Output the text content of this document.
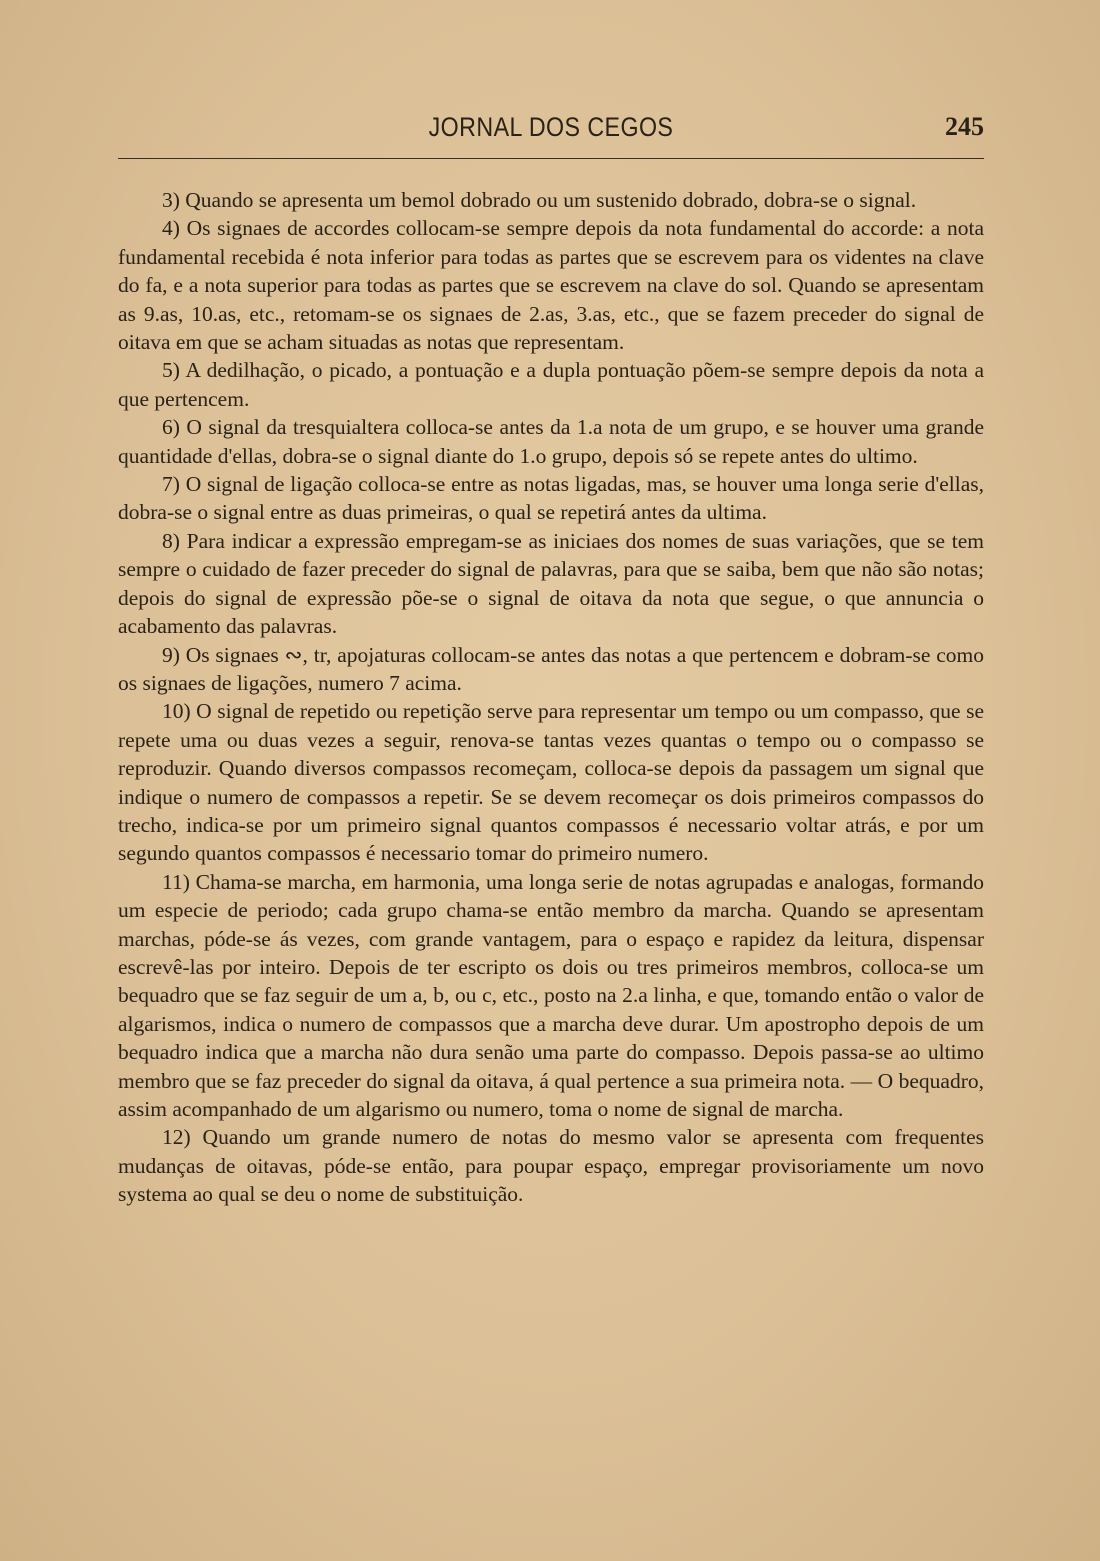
JORNAL DOS CEGOS	245

3) Quando se apresenta um bemol dobrado ou um sustenido dobrado, dobra-se o signal.

4) Os signaes de accordes collocam-se sempre depois da nota fundamental do accorde: a nota fundamental recebida é nota inferior para todas as partes que se escrevem para os videntes na clave do fa, e a nota superior para todas as partes que se escrevem na clave do sol. Quando se apresentam as 9.as, 10.as, etc., retomam-se os signaes de 2.as, 3.as, etc., que se fazem preceder do signal de oitava em que se acham situadas as notas que representam.

5) A dedilhação, o picado, a pontuação e a dupla pontuação põem-se sempre depois da nota a que pertencem.

6) O signal da tresquialtera colloca-se antes da 1.a nota de um grupo, e se houver uma grande quantidade d'ellas, dobra-se o signal diante do 1.o grupo, depois só se repete antes do ultimo.

7) O signal de ligação colloca-se entre as notas ligadas, mas, se houver uma longa serie d'ellas, dobra-se o signal entre as duas primeiras, o qual se repetirá antes da ultima.

8) Para indicar a expressão empregam-se as iniciaes dos nomes de suas variações, que se tem sempre o cuidado de fazer preceder do signal de palavras, para que se saiba, bem que não são notas; depois do signal de expressão põe-se o signal de oitava da nota que segue, o que annuncia o acabamento das palavras.

9) Os signaes ∾, tr, apojaturas collocam-se antes das notas a que pertencem e dobram-se como os signaes de ligações, numero 7 acima.

10) O signal de repetido ou repetição serve para representar um tempo ou um compasso, que se repete uma ou duas vezes a seguir, renova-se tantas vezes quantas o tempo ou o compasso se reproduzir. Quando diversos compassos recomeçam, colloca-se depois da passagem um signal que indique o numero de compassos a repetir. Se se devem recomeçar os dois primeiros compassos do trecho, indica-se por um primeiro signal quantos compassos é necessario voltar atrás, e por um segundo quantos compassos é necessario tomar do primeiro numero.

11) Chama-se marcha, em harmonia, uma longa serie de notas agrupadas e analogas, formando um especie de periodo; cada grupo chama-se então membro da marcha. Quando se apresentam marchas, póde-se ás vezes, com grande vantagem, para o espaço e rapidez da leitura, dispensar escrevê-las por inteiro. Depois de ter escripto os dois ou tres primeiros membros, colloca-se um bequadro que se faz seguir de um a, b, ou c, etc., posto na 2.a linha, e que, tomando então o valor de algarismos, indica o numero de compassos que a marcha deve durar. Um apostropho depois de um bequadro indica que a marcha não dura senão uma parte do compasso. Depois passa-se ao ultimo membro que se faz preceder do signal da oitava, á qual pertence a sua primeira nota. — O bequadro, assim acompanhado de um algarismo ou numero, toma o nome de signal de marcha.

12) Quando um grande numero de notas do mesmo valor se apresenta com frequentes mudanças de oitavas, póde-se então, para poupar espaço, empregar provisoriamente um novo systema ao qual se deu o nome de substituição.
